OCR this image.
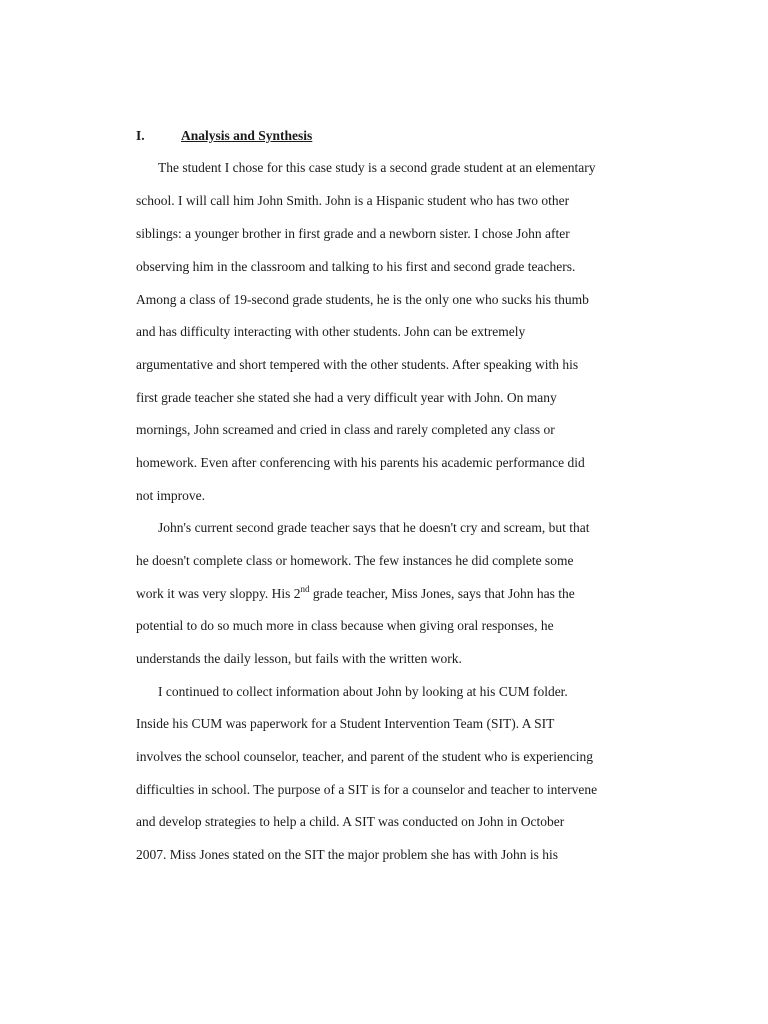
I.	Analysis and Synthesis
The student I chose for this case study is a second grade student at an elementary
school. I will call him John Smith. John is a Hispanic student who has two other
siblings: a younger brother in first grade and a newborn sister. I chose John after
observing him in the classroom and talking to his first and second grade teachers.
Among a class of 19-second grade students, he is the only one who sucks his thumb
and has difficulty interacting with other students. John can be extremely
argumentative and short tempered with the other students. After speaking with his
first grade teacher she stated she had a very difficult year with John. On many
mornings, John screamed and cried in class and rarely completed any class or
homework. Even after conferencing with his parents his academic performance did
not improve.
John's current second grade teacher says that he doesn't cry and scream, but that
he doesn't complete class or homework. The few instances he did complete some
work it was very sloppy. His 2nd grade teacher, Miss Jones, says that John has the
potential to do so much more in class because when giving oral responses, he
understands the daily lesson, but fails with the written work.
I continued to collect information about John by looking at his CUM folder.
Inside his CUM was paperwork for a Student Intervention Team (SIT). A SIT
involves the school counselor, teacher, and parent of the student who is experiencing
difficulties in school. The purpose of a SIT is for a counselor and teacher to intervene
and develop strategies to help a child. A SIT was conducted on John in October
2007. Miss Jones stated on the SIT the major problem she has with John is his
